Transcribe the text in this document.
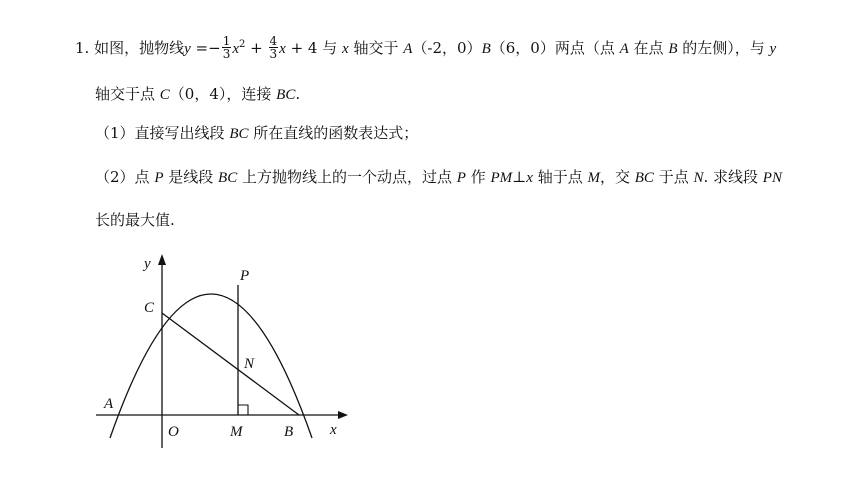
1. 如图，抛物线$y =- \frac{1}{3} x^2 + \frac{4}{3}$ x + 4 与 x 轴交于 A（-2，0）B（6，0）两点（点 A 在点 B 的左侧），与 y
轴交于点 C（0，4），连接 BC.
（1）直接写出线段 BC 所在直线的函数表达式；
（2）点 P 是线段 BC 上方抛物线上的一个动点，过点 P 作 PM⊥x 轴于点 M，交 BC 于点 N. 求线段 PN
长的最大值.
y
x
O
A
B
C
P
N
M
